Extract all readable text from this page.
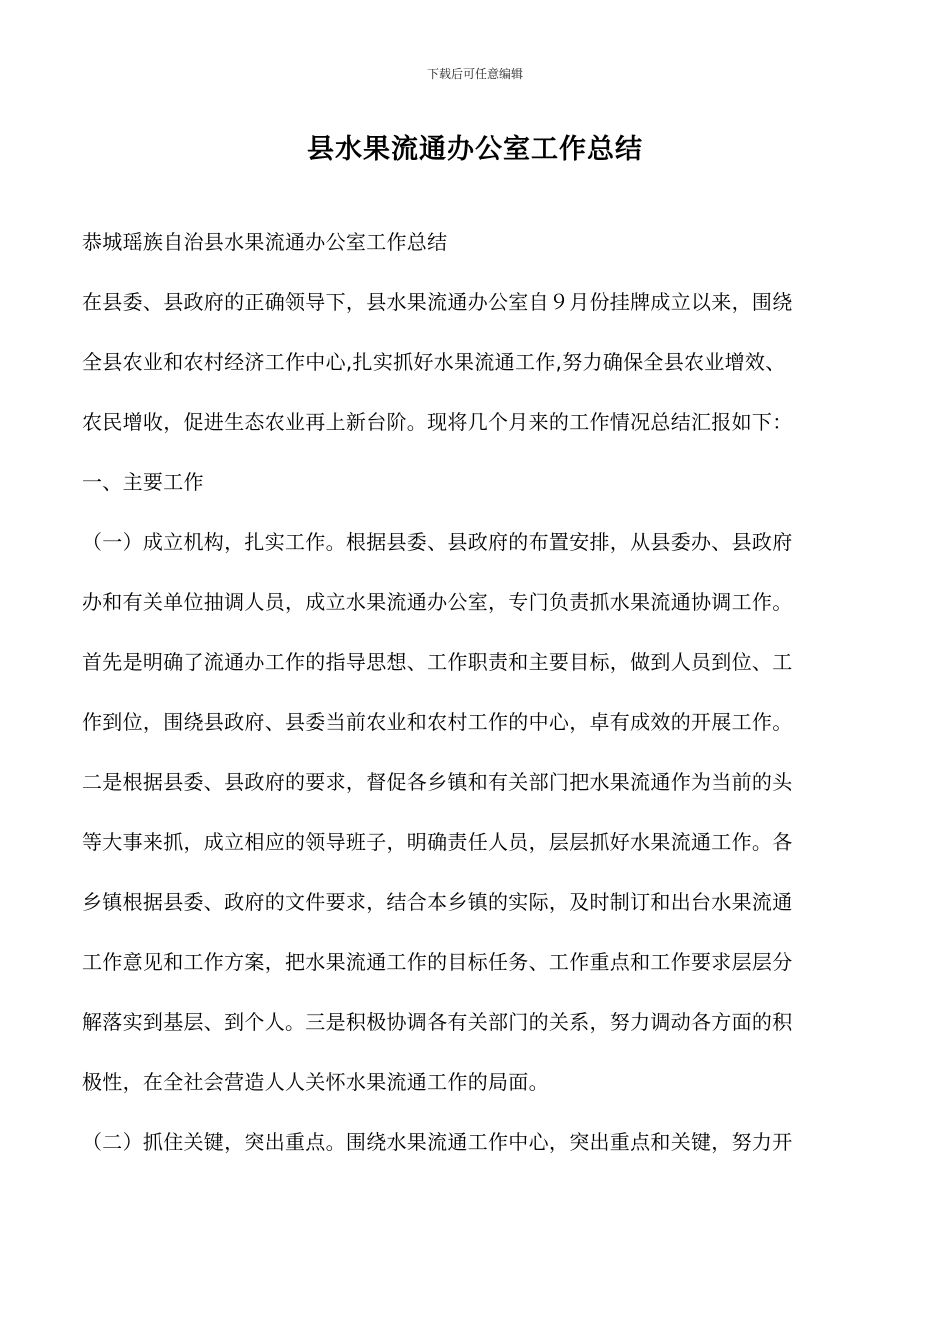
下载后可任意编辑
县水果流通办公室工作总结
恭城瑶族自治县水果流通办公室工作总结
在县委、县政府的正确领导下，县水果流通办公室自９月份挂牌成立以来，围绕
全县农业和农村经济工作中心,扎实抓好水果流通工作,努力确保全县农业增效、
农民增收，促进生态农业再上新台阶。现将几个月来的工作情况总结汇报如下：
一、主要工作
（一）成立机构，扎实工作。根据县委、县政府的布置安排，从县委办、县政府
办和有关单位抽调人员，成立水果流通办公室，专门负责抓水果流通协调工作。
首先是明确了流通办工作的指导思想、工作职责和主要目标，做到人员到位、工
作到位，围绕县政府、县委当前农业和农村工作的中心，卓有成效的开展工作。
二是根据县委、县政府的要求，督促各乡镇和有关部门把水果流通作为当前的头
等大事来抓，成立相应的领导班子，明确责任人员，层层抓好水果流通工作。各
乡镇根据县委、政府的文件要求，结合本乡镇的实际，及时制订和出台水果流通
工作意见和工作方案，把水果流通工作的目标任务、工作重点和工作要求层层分
解落实到基层、到个人。三是积极协调各有关部门的关系，努力调动各方面的积
极性，在全社会营造人人关怀水果流通工作的局面。
（二）抓住关键，突出重点。围绕水果流通工作中心，突出重点和关键，努力开
